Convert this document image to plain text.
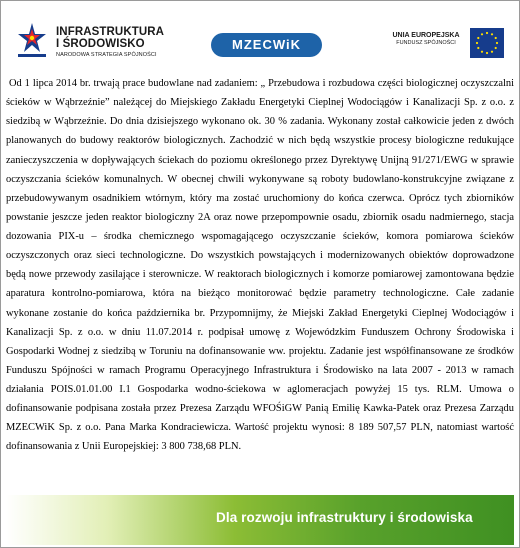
INFRASTRUKTURA
I ŚRODOWISKO
NARODOWA STRATEGIA SPÓJNOŚCI
MZECWiK
UNIA EUROPEJSKA
FUNDUSZ SPÓJNOŚCI

Od 1 lipca 2014 br. trwają prace budowlane nad zadaniem: „ Przebudowa i rozbudowa części biologicznej oczyszczalni ścieków w Wąbrzeźnie” należącej do Miejskiego Zakładu Energetyki Cieplnej Wodociągów i Kanalizacji Sp. z o.o. z siedzibą w Wąbrzeźnie. Do dnia dzisiejszego wykonano ok. 30 % zadania. Wykonany został całkowicie jeden z dwóch planowanych do budowy reaktorów biologicznych. Zachodzić w nich będą wszystkie procesy biologiczne redukujące zanieczyszczenia w dopływających ściekach do poziomu określonego przez Dyrektywę Unijną 91/271/EWG w sprawie oczyszczania ścieków komunalnych. W obecnej chwili wykonywane są roboty budowlano-konstrukcyjne związane z przebudowywanym osadnikiem wtórnym, który ma zostać uruchomiony do końca czerwca. Oprócz tych zbiorników powstanie jeszcze jeden reaktor biologiczny 2A oraz nowe przepompownie osadu, zbiornik osadu nadmiernego, stacja dozowania PIX-u – środka chemicznego wspomagającego oczyszczanie ścieków, komora pomiarowa ścieków oczyszczonych oraz sieci technologiczne. Do wszystkich powstających i modernizowanych obiektów doprowadzone będą nowe przewody zasilające i sterownicze. W reaktorach biologicznych i komorze pomiarowej zamontowana będzie aparatura kontrolno-pomiarowa, która na bieżąco monitorować będzie parametry technologiczne. Całe zadanie wykonane zostanie do końca października br. Przypomnijmy, że Miejski Zakład Energetyki Cieplnej Wodociągów i Kanalizacji Sp. z o.o. w dniu 11.07.2014 r. podpisał umowę z Wojewódzkim Funduszem Ochrony Środowiska i Gospodarki Wodnej z siedzibą w Toruniu na dofinansowanie ww. projektu. Zadanie jest współfinansowane ze środków Funduszu Spójności w ramach Programu Operacyjnego Infrastruktura i Środowisko na lata 2007 - 2013 w ramach działania POIS.01.01.00 I.1 Gospodarka wodno-ściekowa w aglomeracjach powyżej 15 tys. RLM. Umowa o dofinansowanie podpisana została przez Prezesa Zarządu WFOŚiGW Panią Emilię Kawka-Patek oraz Prezesa Zarządu MZECWiK Sp. z o.o. Pana Marka Kondraciewicza. Wartość projektu wynosi: 8 189 507,57 PLN, natomiast wartość dofinansowania z Unii Europejskiej: 3 800 738,68 PLN.

Dla rozwoju infrastruktury i środowiska
